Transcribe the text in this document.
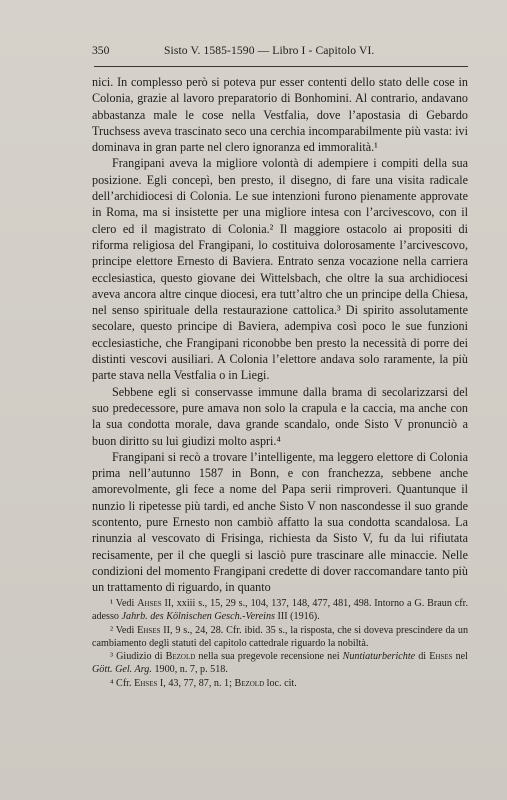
350	Sisto V. 1585-1590 — Libro I - Capitolo VI.

nici. In complesso però si poteva pur esser contenti dello stato delle cose in Colonia, grazie al lavoro preparatorio di Bonhomini. Al contrario, andavano abbastanza male le cose nella Vestfalia, dove l’apostasia di Gebardo Truchsess aveva trascinato seco una cerchia incomparabilmente più vasta: ivi dominava in gran parte nel clero ignoranza ed immoralità.¹

Frangipani aveva la migliore volontà di adempiere i compiti della sua posizione. Egli concepì, ben presto, il disegno, di fare una visita radicale dell’archidiocesi di Colonia. Le sue intenzioni furono pienamente approvate in Roma, ma si insistette per una migliore intesa con l’arcivescovo, con il clero ed il magistrato di Colonia.² Il maggiore ostacolo ai propositi di riforma religiosa del Frangipani, lo costituiva dolorosamente l’arcivescovo, principe elettore Ernesto di Baviera. Entrato senza vocazione nella carriera ecclesiastica, questo giovane dei Wittelsbach, che oltre la sua archidiocesi aveva ancora altre cinque diocesi, era tutt’altro che un principe della Chiesa, nel senso spirituale della restaurazione cattolica.³ Di spirito assolutamente secolare, questo principe di Baviera, adempiva così poco le sue funzioni ecclesiastiche, che Frangipani riconobbe ben presto la necessità di porre dei distinti vescovi ausiliari. A Colonia l’elettore andava solo raramente, la più parte stava nella Vestfalia o in Liegi.

Sebbene egli si conservasse immune dalla brama di secolarizzarsi del suo predecessore, pure amava non solo la crapula e la caccia, ma anche con la sua condotta morale, dava grande scandalo, onde Sisto V pronunciò a buon diritto su lui giudizi molto aspri.⁴

Frangipani si recò a trovare l’intelligente, ma leggero elettore di Colonia prima nell’autunno 1587 in Bonn, e con franchezza, sebbene anche amorevolmente, gli fece a nome del Papa serii rimproveri. Quantunque il nunzio li ripetesse più tardi, ed anche Sisto V non nascondesse il suo grande scontento, pure Ernesto non cambiò affatto la sua condotta scandalosa. La rinunzia al vescovato di Frisinga, richiesta da Sisto V, fu da lui rifiutata recisamente, per il che quegli si lasciò pure trascinare alle minaccie. Nelle condizioni del momento Frangipani credette di dover raccomandare tanto più un trattamento di riguardo, in quanto

¹ Vedi Ahses II, xxiii s., 15, 29 s., 104, 137, 148, 477, 481, 498. Intorno a G. Braun cfr. adesso Jahrb. des Kölnischen Gesch.-Vereins III (1916).

² Vedi Ehses II, 9 s., 24, 28. Cfr. ibid. 35 s., la risposta, che si doveva prescindere da un cambiamento degli statuti del capitolo cattedrale riguardo la nobiltà.

³ Giudizio di Bezold nella sua pregevole recensione nei Nuntiaturberichte di Ehses nel Gött. Gel. Arg. 1900, n. 7, p. 518.

⁴ Cfr. Ehses I, 43, 77, 87, n. 1; Bezold loc. cit.
